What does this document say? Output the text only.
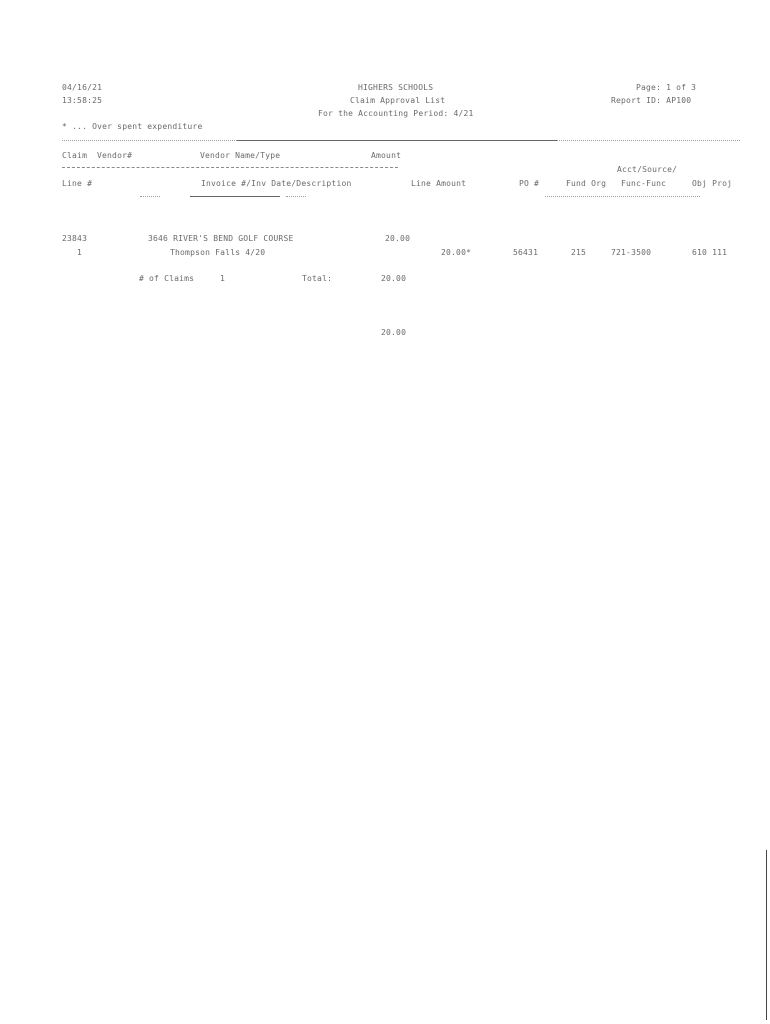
04/16/21
13:58:25
HIGHERS SCHOOLS
Claim Approval List
For the Accounting Period: 4/21
Page: 1 of 3
Report ID: AP100
* ... Over spent expenditure
Claim Vendor#	Vendor Name/Type	Amount
Acct/Source/
Line #	Invoice #/Inv Date/Description	Line Amount	PO #	Fund Org Func-Func	Obj Proj
23843	3646 RIVER'S BEND GOLF COURSE	20.00
1	Thompson Falls 4/20	20.00*	56431	215	721-3500	610 111
# of Claims	1	Total:	20.00
20.00
